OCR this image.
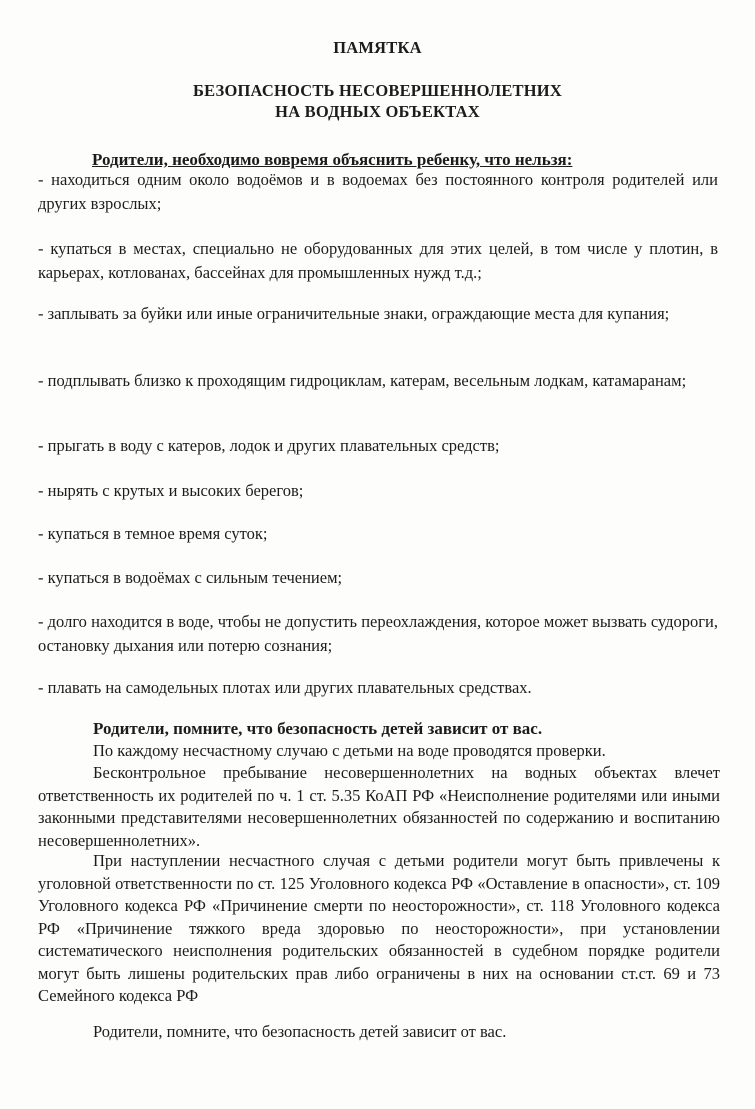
ПАМЯТКА
БЕЗОПАСНОСТЬ НЕСОВЕРШЕННОЛЕТНИХ
НА ВОДНЫХ ОБЪЕКТАХ
Родители, необходимо вовремя объяснить ребенку, что нельзя:
- находиться одним около водоёмов и в водоемах без постоянного контроля родителей или других взрослых;
- купаться в местах, специально не оборудованных для этих целей, в том числе у плотин, в карьерах, котлованах, бассейнах для промышленных нужд т.д.;
- заплывать за буйки или иные ограничительные знаки, ограждающие места для купания;
- подплывать близко к проходящим гидроциклам, катерам, весельным лодкам, катамаранам;
- прыгать в воду с катеров, лодок и других плавательных средств;
- нырять с крутых и высоких берегов;
- купаться в темное время суток;
- купаться в водоёмах с сильным течением;
- долго находится в воде, чтобы не допустить переохлаждения, которое может вызвать судороги, остановку дыхания или потерю сознания;
- плавать на самодельных плотах или других плавательных средствах.
Родители, помните, что безопасность детей зависит от вас.
По каждому несчастному случаю с детьми на воде проводятся проверки.
Бесконтрольное пребывание несовершеннолетних на водных объектах влечет ответственность их родителей по ч. 1 ст. 5.35 КоАП РФ «Неисполнение родителями или иными законными представителями несовершеннолетних обязанностей по содержанию и воспитанию несовершеннолетних».
При наступлении несчастного случая с детьми родители могут быть привлечены к уголовной ответственности по ст. 125 Уголовного кодекса РФ «Оставление в опасности», ст. 109 Уголовного кодекса РФ «Причинение смерти по неосторожности», ст. 118 Уголовного кодекса РФ «Причинение тяжкого вреда здоровью по неосторожности», при установлении систематического неисполнения родительских обязанностей в судебном порядке родители могут быть лишены родительских прав либо ограничены в них на основании ст.ст. 69 и 73 Семейного кодекса РФ
Родители, помните, что безопасность детей зависит от вас.
